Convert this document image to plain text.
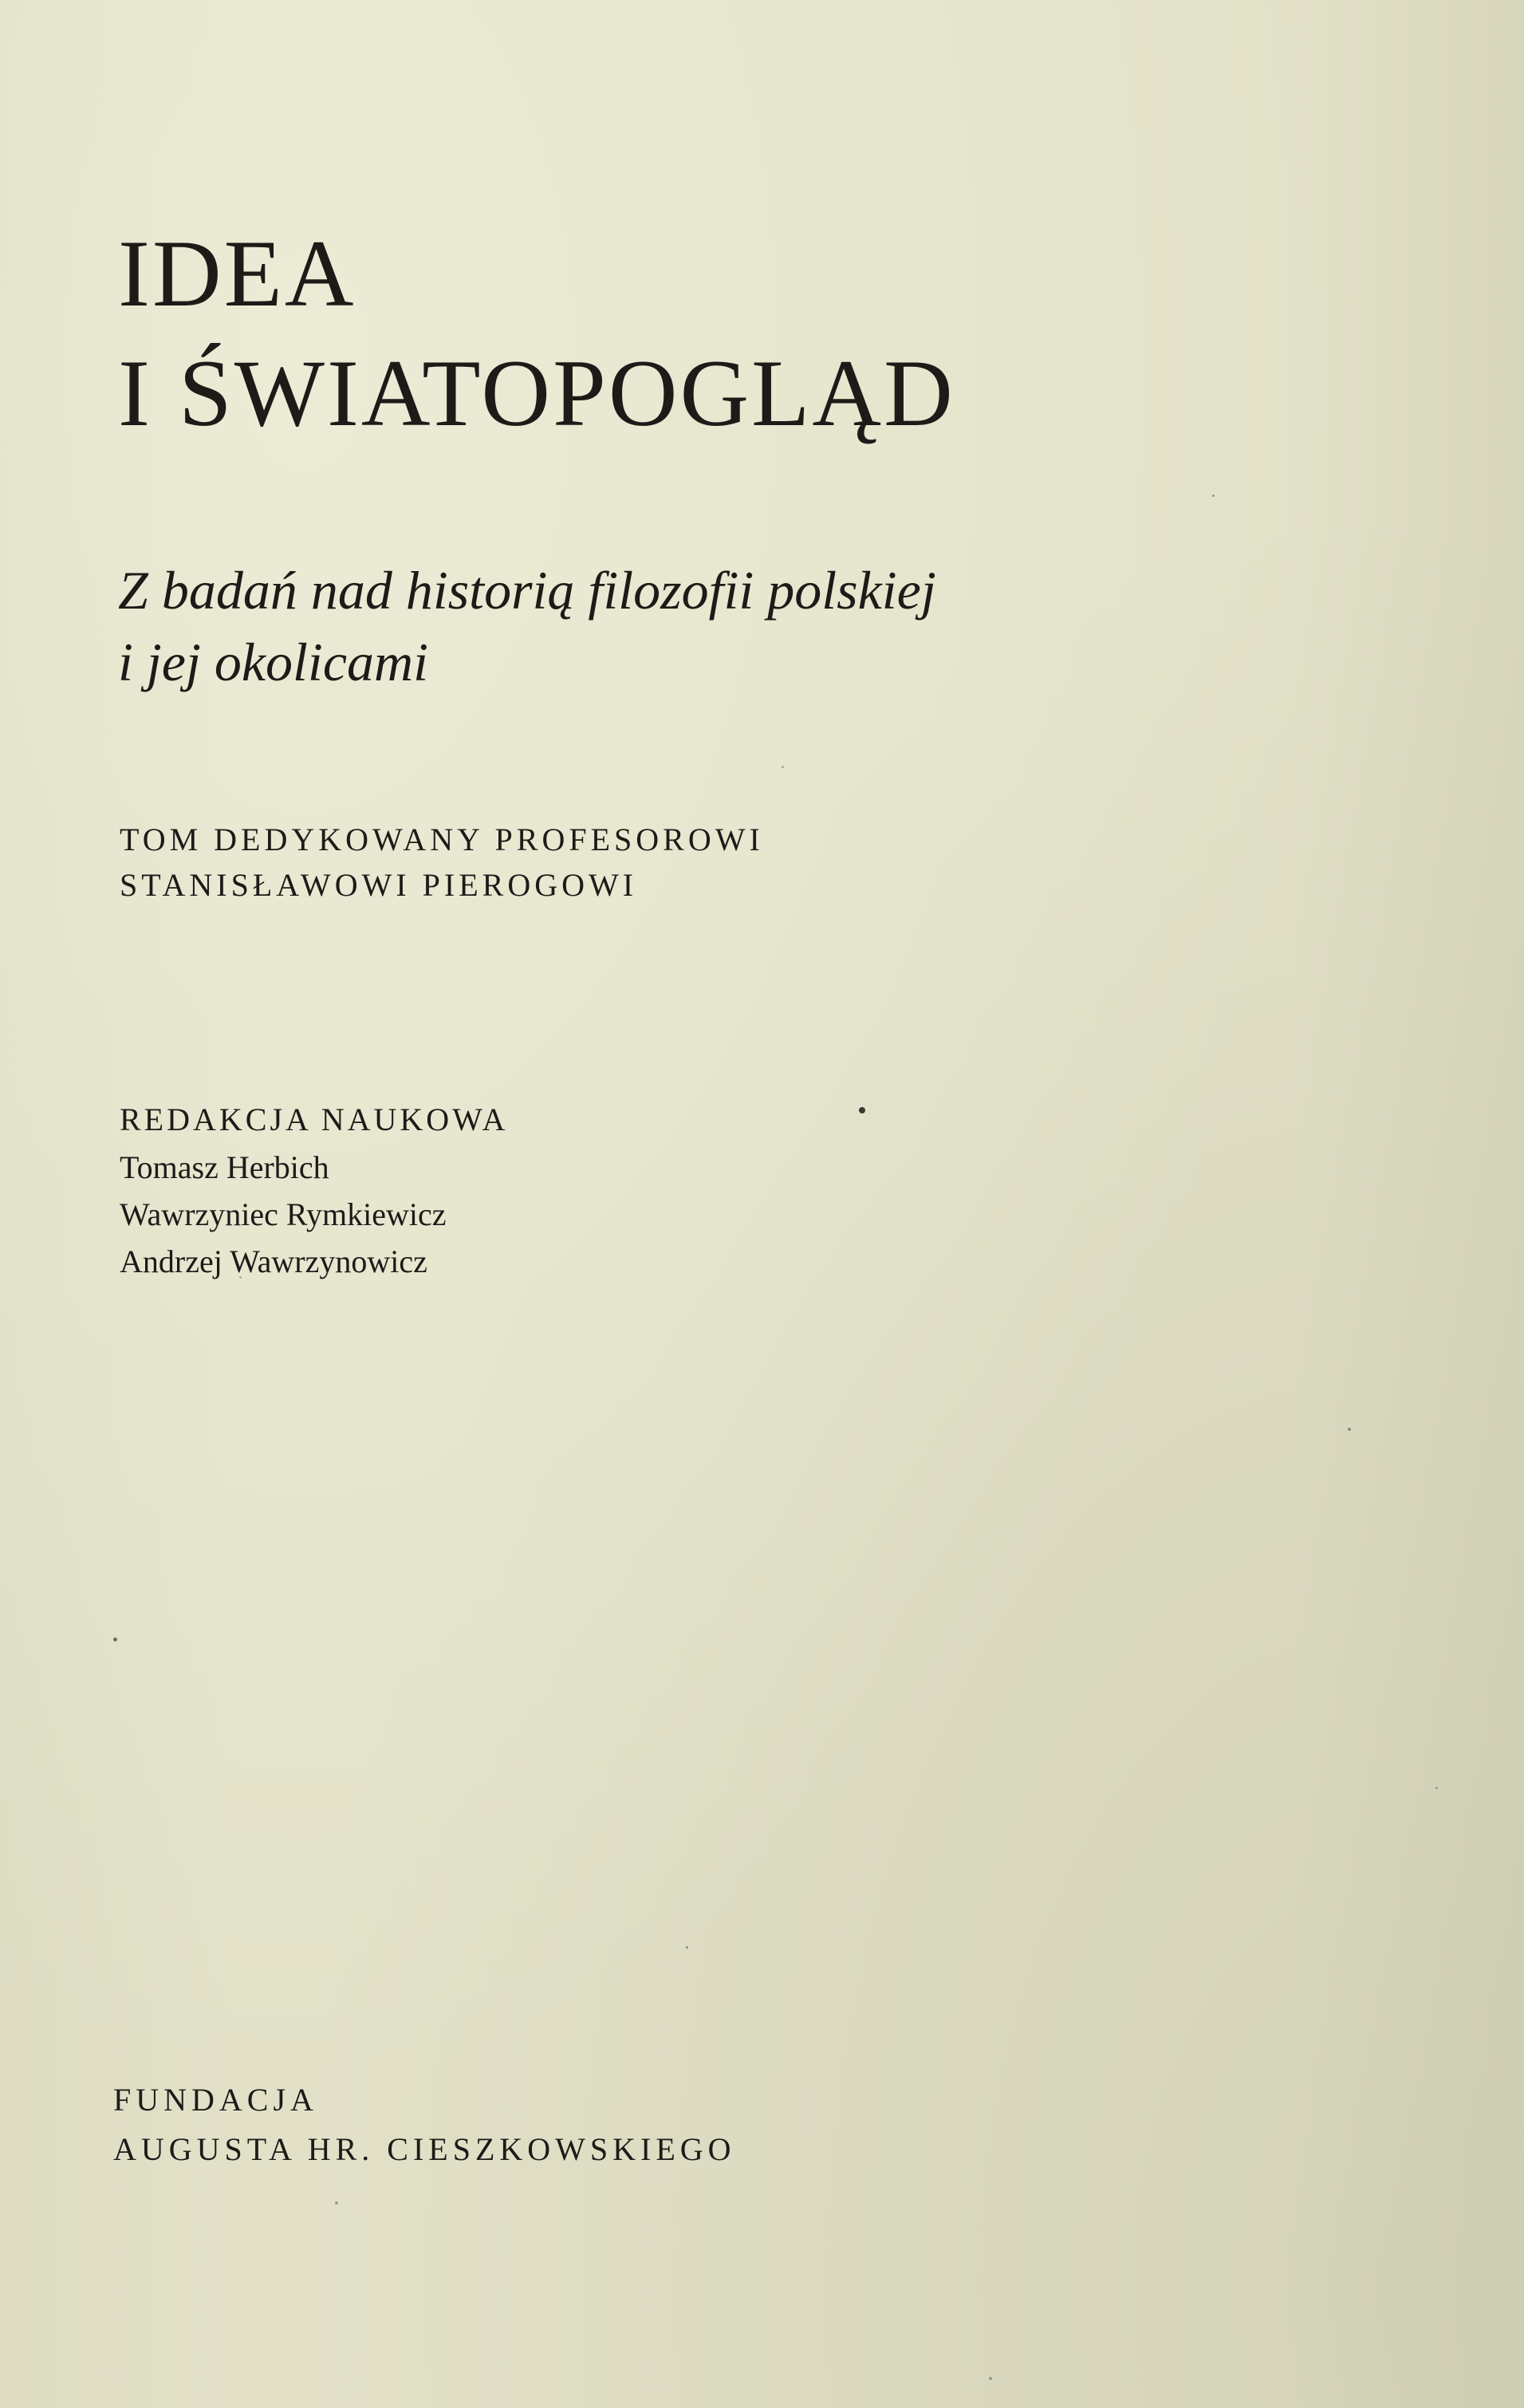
IDEA
I ŚWIATOPOGLĄD
Z badań nad historią filozofii polskiej
i jej okolicami
TOM DEDYKOWANY PROFESOROWI
STANISŁAWOWI PIEROGOWI
REDAKCJA NAUKOWA
Tomasz Herbich
Wawrzyniec Rymkiewicz
Andrzej Wawrzynowicz
FUNDACJA
AUGUSTA HR. CIESZKOWSKIEGO
